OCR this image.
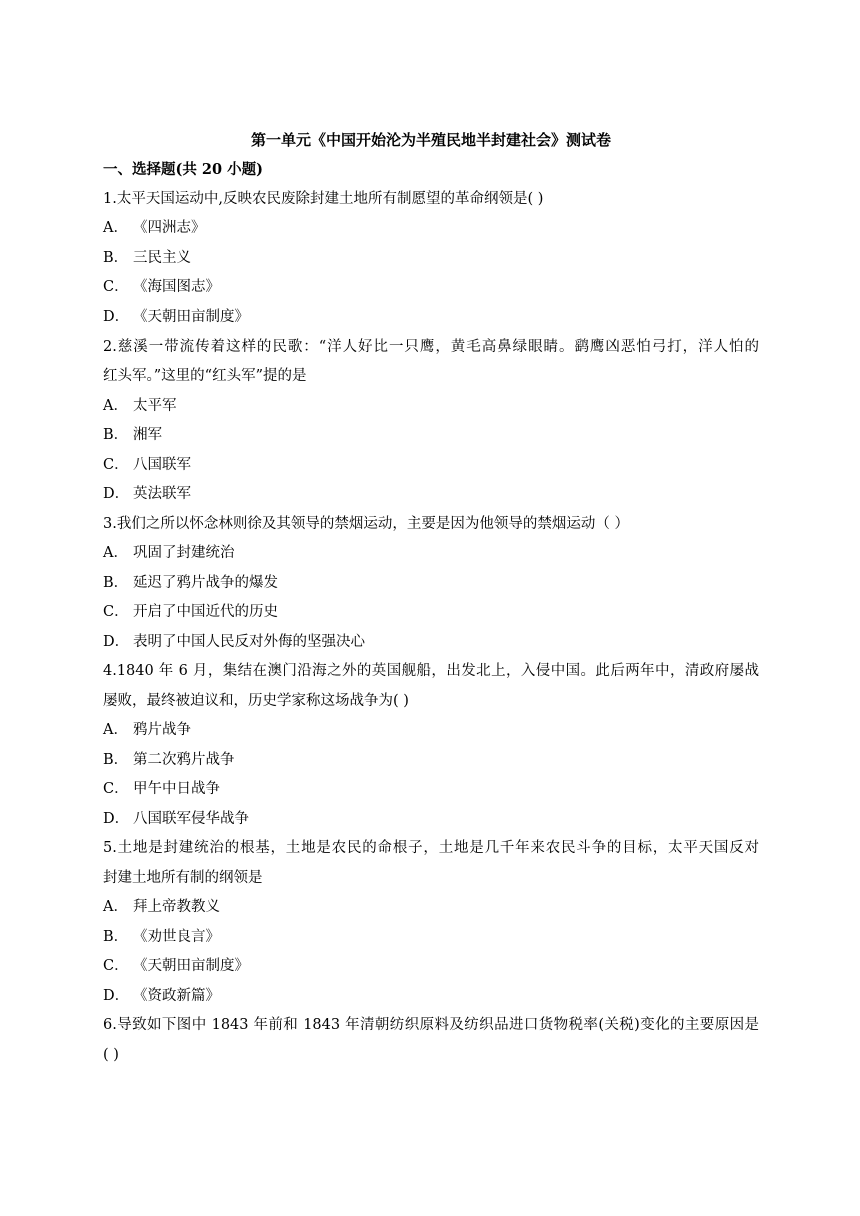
第一单元《中国开始沦为半殖民地半封建社会》测试卷
一、选择题(共 20 小题)
1.太平天国运动中,反映农民废除封建土地所有制愿望的革命纲领是( )
A． 《四洲志》
B． 三民主义
C． 《海国图志》
D． 《天朝田亩制度》
2.慈溪一带流传着这样的民歌：“洋人好比一只鹰，黄毛高鼻绿眼睛。鹞鹰凶恶怕弓打，洋人怕的
红头军。”这里的“红头军”提的是
A． 太平军
B． 湘军
C． 八国联军
D． 英法联军
3.我们之所以怀念林则徐及其领导的禁烟运动，主要是因为他领导的禁烟运动（ ）
A． 巩固了封建统治
B． 延迟了鸦片战争的爆发
C． 开启了中国近代的历史
D． 表明了中国人民反对外侮的坚强决心
4.1840 年 6 月，集结在澳门沿海之外的英国舰船，出发北上，入侵中国。此后两年中，清政府屡战
屡败，最终被迫议和，历史学家称这场战争为( )
A． 鸦片战争
B． 第二次鸦片战争
C． 甲午中日战争
D． 八国联军侵华战争
5.土地是封建统治的根基，土地是农民的命根子，土地是几千年来农民斗争的目标，太平天国反对
封建土地所有制的纲领是
A． 拜上帝教教义
B． 《劝世良言》
C． 《天朝田亩制度》
D． 《资政新篇》
6.导致如下图中 1843 年前和 1843 年清朝纺织原料及纺织品进口货物税率(关税)变化的主要原因是
( )
